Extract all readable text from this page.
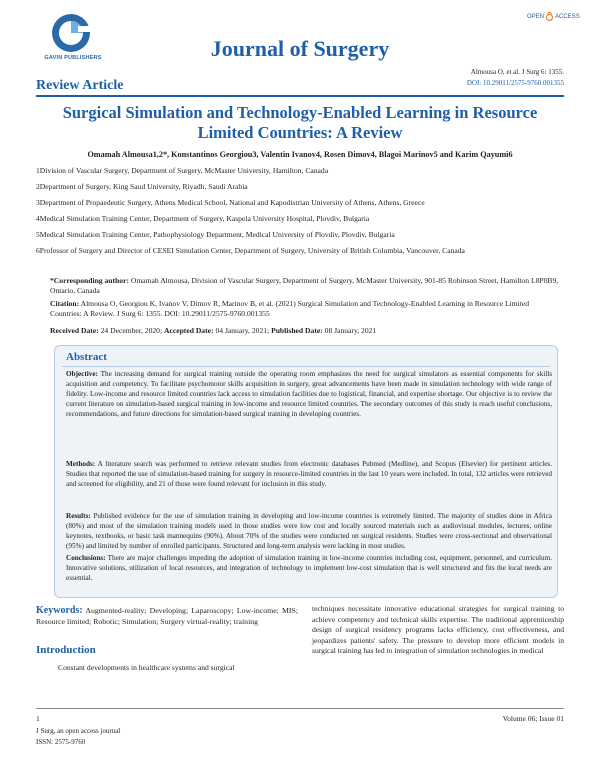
GAVIN PUBLISHERS
OPEN ACCESS
Journal of Surgery
Almousa O, et al. J Surg 6: 1355.
DOI: 10.29011/2575-9760.001355
Review Article
Surgical Simulation and Technology-Enabled Learning in Resource Limited Countries: A Review
Omamah Almousa1,2*, Konstantinos Georgiou3, Valentin Ivanov4, Rosen Dimov4, Blagoi Marinov5 and Karim Qayumi6
1Division of Vascular Surgery, Department of Surgery, McMaster University, Hamilton, Canada
2Department of Surgery, King Saud University, Riyadh, Saudi Arabia
3Department of Propaedeutic Surgery, Athens Medical School, National and Kapodistrian University of Athens, Athens, Greece
4Medical Simulation Training Center, Department of Surgery, Kaspela University Hospital, Plovdiv, Bulgaria
5Medical Simulation Training Center, Pathophysiology Department, Medical University of Plovdiv, Plovdiv, Bulgaria
6Professor of Surgery and Director of CESEI Simulation Center, Department of Surgery, University of British Columbia, Vancouver, Canada
*Corresponding author: Omamah Almousa, Division of Vascular Surgery, Department of Surgery, McMaster University, 901-85 Robinson Street, Hamilton L8P0B9, Ontario, Canada
Citation: Almousa O, Georgiou K, Ivanov V, Dimov R, Marinov B, et al. (2021) Surgical Simulation and Technology-Enabled Learning in Resource Limited Countries: A Review. J Surg 6: 1355. DOI: 10.29011/2575-9760.001355
Received Date: 24 December, 2020; Accepted Date: 04 January, 2021; Published Date: 08 January, 2021
Abstract
Objective: The increasing demand for surgical training outside the operating room emphasizes the need for surgical simulators as essential components for skills acquisition and competency. To facilitate psychomotor skills acquisition in surgery, great advancements have been made in simulation technology with wide range of fidelity. Low-income and resource limited countries lack access to simulation facilities due to logistical, financial, and expertise shortage. Our objective is to review the current literature on simulation-based surgical training in low-income and resource limited countries. The secondary outcomes of this study is reach useful conclusions, recommendations, and future directions for simulation-based surgical training in developing countries.
Methods: A literature search was performed to retrieve relevant studies from electronic databases Pubmed (Medline), and Scopus (Elsevier) for pertinent articles. Studies that reported the use of simulation-based training for surgery in resource-limited countries in the last 10 years were included. In total, 132 articles were retrieved and screened for eligibility, and 21 of those were found relevant for inclusion in this study.
Results: Published evidence for the use of simulation training in developing and low-income countries is extremely limited. The majority of studies done in Africa (80%) and most of the simulation training models used in those studies were low cost and locally sourced materials such as audiovisual modules, lectures, online keynotes, textbooks, or basic task mannequins (90%). About 70% of the studies were conducted on surgical residents. Studies were cross-sectional and observational (95%) and limited by number of enrolled participants. Structured and long-term analysis were lacking in most studies.
Conclusions: There are major challenges impeding the adoption of simulation training in low-income countries including cost, equipment, personnel, and curriculum. Innovative solutions, utilization of local resources, and integration of technology to implement low-cost simulation that is well structured and fits the local needs are essential.
Keywords: Augmented-reality; Developing; Laparoscopy; Low-income; MIS; Resource limited; Robotic; Simulation; Surgery virtual-reality; training
Introduction
Constant developments in healthcare systems and surgical
techniques necessitate innovative educational strategies for surgical training to achieve competency and technical skills expertise. The traditional apprenticeship design of surgical residency programs lacks efficiency, cost effectiveness, and jeopardizes patients' safety. The pressure to develop more efficient models in surgical training has led to integration of simulation technologies in medical
1	Volume 06; Issue 01
J Surg, an open access journal
ISSN: 2575-9760
